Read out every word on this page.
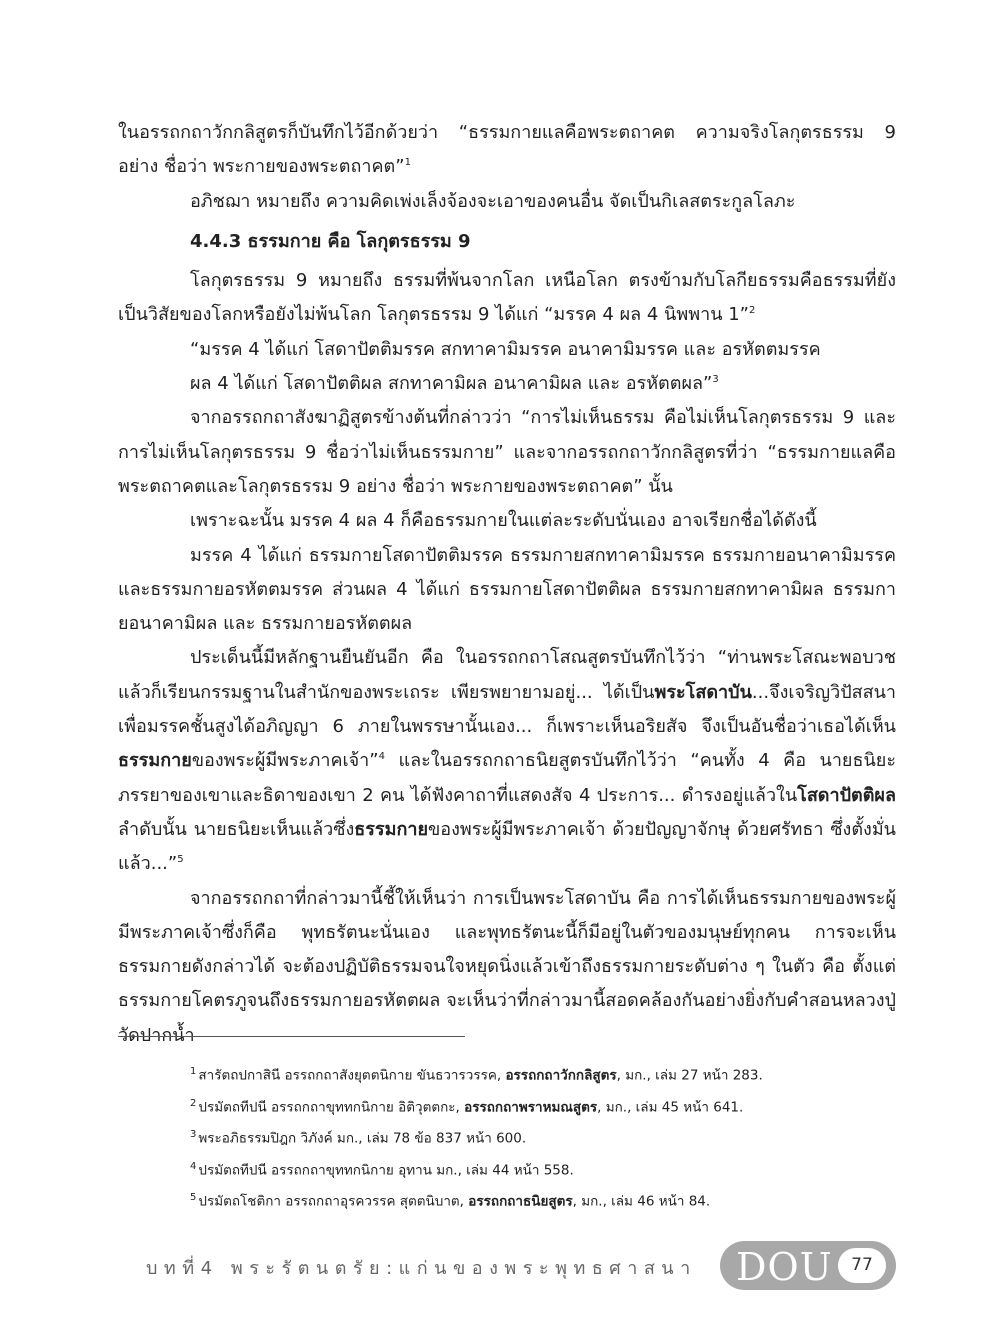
ในอรรถกถาวักกลิสูตรก็บันทึกไว้อีกด้วยว่า “ธรรมกายแลคือพระตถาคต ความจริงโลกุตรธรรม 9 อย่าง ชื่อว่า พระกายของพระตถาคต”$^1$

อภิชฌา หมายถึง ความคิดเพ่งเล็งจ้องจะเอาของคนอื่น จัดเป็นกิเลสตระกูลโลภะ

4.4.3 ธรรมกาย คือ โลกุตรธรรม 9

โลกุตรธรรม 9 หมายถึง ธรรมที่พ้นจากโลก เหนือโลก ตรงข้ามกับโลกียธรรมคือธรรมที่ยังเป็นวิสัยของโลกหรือยังไม่พ้นโลก โลกุตรธรรม 9 ได้แก่ “มรรค 4 ผล 4 นิพพาน 1”$^2$

“มรรค 4 ได้แก่ โสดาปัตติมรรค สกทาคามิมรรค อนาคามิมรรค และ อรหัตตมรรค

ผล 4 ได้แก่ โสดาปัตติผล สกทาคามิผล อนาคามิผล และ อรหัตตผล”$^3$

จากอรรถกถาสังฆาฏิสูตรข้างต้นที่กล่าวว่า “การไม่เห็นธรรม คือไม่เห็นโลกุตรธรรม 9 และการไม่เห็นโลกุตรธรรม 9 ชื่อว่าไม่เห็นธรรมกาย” และจากอรรถกถาวักกลิสูตรที่ว่า “ธรรมกายแลคือพระตถาคตและโลกุตรธรรม 9 อย่าง ชื่อว่า พระกายของพระตถาคต” นั้น

เพราะฉะนั้น มรรค 4 ผล 4 ก็คือธรรมกายในแต่ละระดับนั่นเอง อาจเรียกชื่อได้ดังนี้

มรรค 4 ได้แก่ ธรรมกายโสดาปัตติมรรค ธรรมกายสกทาคามิมรรค ธรรมกายอนาคามิมรรค และธรรมกายอรหัตตมรรค ส่วนผล 4 ได้แก่ ธรรมกายโสดาปัตติผล ธรรมกายสกทาคามิผล ธรรมกายอนาคามิผล และ ธรรมกายอรหัตตผล

ประเด็นนี้มีหลักฐานยืนยันอีก คือ ในอรรถกถาโสณสูตรบันทึกไว้ว่า “ท่านพระโสณะพอบวชแล้วก็เรียนกรรมฐานในสำนักของพระเถระ เพียรพยายามอยู่... ได้เป็นพระโสดาบัน...จึงเจริญวิปัสสนาเพื่อมรรคชั้นสูงได้อภิญญา 6 ภายในพรรษานั้นเอง... ก็เพราะเห็นอริยสัจ จึงเป็นอันชื่อว่าเธอได้เห็นธรรมกายของพระผู้มีพระภาคเจ้า”$^4$ และในอรรถกถาธนิยสูตรบันทึกไว้ว่า “คนทั้ง 4 คือ นายธนิยะ ภรรยาของเขาและธิดาของเขา 2 คน ได้ฟังคาถาที่แสดงสัจ 4 ประการ... ดำรงอยู่แล้วในโสดาปัตติผล ลำดับนั้น นายธนิยะเห็นแล้วซึ่งธรรมกายของพระผู้มีพระภาคเจ้า ด้วยปัญญาจักษุ ด้วยศรัทธา ซึ่งตั้งมั่นแล้ว...”$^5$

จากอรรถกถาที่กล่าวมานี้ชี้ให้เห็นว่า การเป็นพระโสดาบัน คือ การได้เห็นธรรมกายของพระผู้มีพระภาคเจ้าซึ่งก็คือ พุทธรัตนะนั่นเอง และพุทธรัตนะนี้ก็มีอยู่ในตัวของมนุษย์ทุกคน การจะเห็นธรรมกายดังกล่าวได้ จะต้องปฏิบัติธรรมจนใจหยุดนิ่งแล้วเข้าถึงธรรมกายระดับต่าง ๆ ในตัว คือ ตั้งแต่ธรรมกายโคตรภูจนถึงธรรมกายอรหัตตผล จะเห็นว่าที่กล่าวมานี้สอดคล้องกันอย่างยิ่งกับคำสอนหลวงปู่วัดปากน้ำ

$^1$ สารัตถปกาสินี อรรถกถาสังยุตตนิกาย ขันธวารวรรค, อรรถกถาวักกลิสูตร, มก., เล่ม 27 หน้า 283.
$^2$ ปรมัตถทีปนี อรรถกถาขุททกนิกาย อิติวุตตกะ, อรรถกถาพราหมณสูตร, มก., เล่ม 45 หน้า 641.
$^3$ พระอภิธรรมปิฎก วิภังค์ มก., เล่ม 78 ข้อ 837 หน้า 600.
$^4$ ปรมัตถทีปนี อรรถกถาขุททกนิกาย อุทาน มก., เล่ม 44 หน้า 558.
$^5$ ปรมัตถโชติกา อรรถกถาอุรควรรค สุตตนิบาต, อรรถกถาธนิยสูตร, มก., เล่ม 46 หน้า 84.
บทที่4 พระรัตนตรัย:แก่นของพระพุทธศาสนา	DOU	77
